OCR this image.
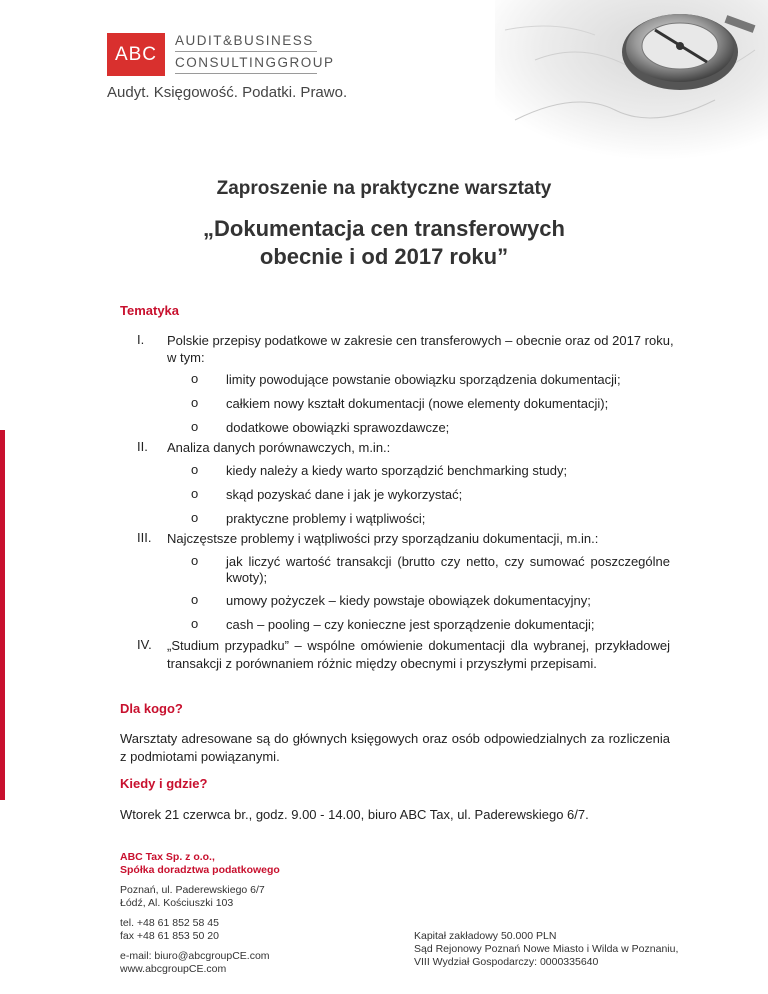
ABC
AUDIT&BUSINESS
CONSULTINGGROUP
Audyt. Księgowość. Podatki. Prawo.
Zaproszenie na praktyczne warsztaty
„Dokumentacja cen transferowych
obecnie i od 2017 roku”
Tematyka
I. Polskie przepisy podatkowe w zakresie cen transferowych – obecnie oraz od 2017 roku,
w tym:
o limity powodujące powstanie obowiązku sporządzenia dokumentacji;
o całkiem nowy kształt dokumentacji (nowe elementy dokumentacji);
o dodatkowe obowiązki sprawozdawcze;
II. Analiza danych porównawczych, m.in.:
o kiedy należy a kiedy warto sporządzić benchmarking study;
o skąd pozyskać dane i jak je wykorzystać;
o praktyczne problemy i wątpliwości;
III. Najczęstsze problemy i wątpliwości przy sporządzaniu dokumentacji, m.in.:
o jak liczyć wartość transakcji (brutto czy netto, czy sumować poszczególne
kwoty);
o umowy pożyczek – kiedy powstaje obowiązek dokumentacyjny;
o cash – pooling – czy konieczne jest sporządzenie dokumentacji;
IV. „Studium przypadku” – wspólne omówienie dokumentacji dla wybranej, przykładowej
transakcji z porównaniem różnic między obecnymi i przyszłymi przepisami.
Dla kogo?
Warsztaty adresowane są do głównych księgowych oraz osób odpowiedzialnych za rozliczenia
z podmiotami powiązanymi.
Kiedy i gdzie?
Wtorek 21 czerwca br., godz. 9.00 - 14.00, biuro ABC Tax, ul. Paderewskiego 6/7.
ABC Tax Sp. z o.o.,
Spółka doradztwa podatkowego
Poznań, ul. Paderewskiego 6/7
Łódź, Al. Kościuszki 103
tel. +48 61 852 58 45
fax +48 61 853 50 20
e-mail: biuro@abcgroupCE.com
www.abcgroupCE.com
Kapitał zakładowy 50.000 PLN
Sąd Rejonowy Poznań Nowe Miasto i Wilda w Poznaniu,
VIII Wydział Gospodarczy: 0000335640
